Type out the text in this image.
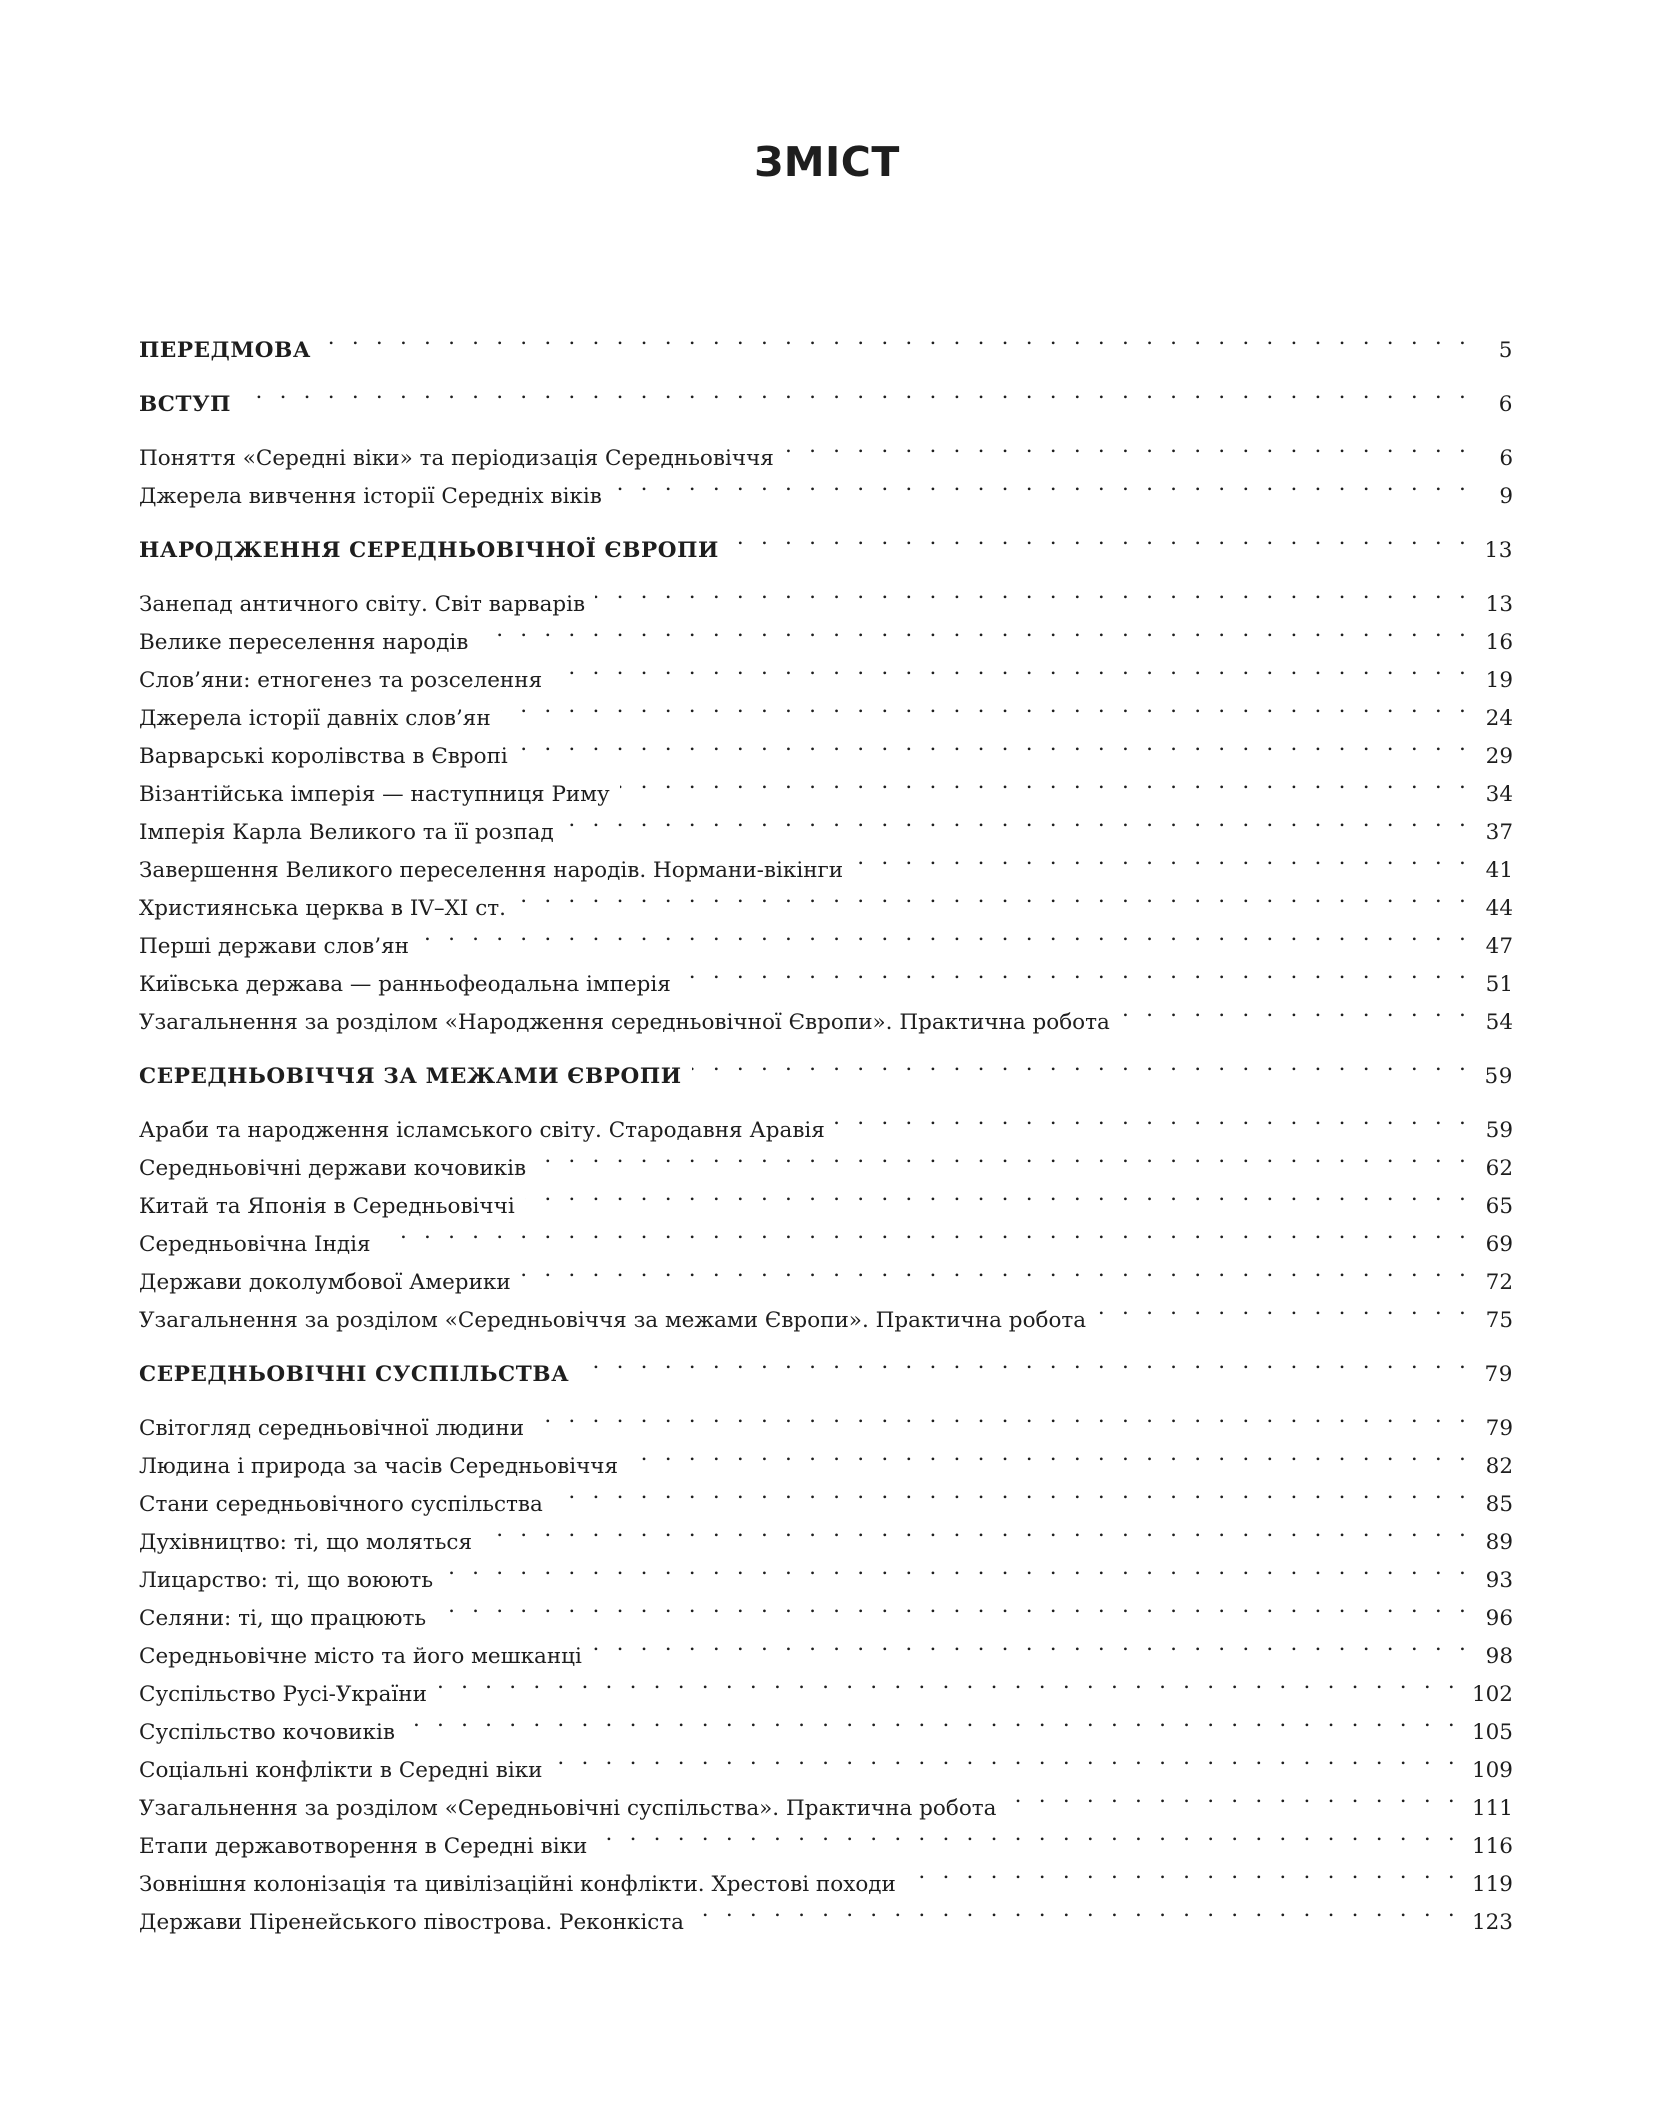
ЗМІСТ
ПЕРЕДМОВА . . .	5
ВСТУП . . .	6
Поняття «Середні віки» та періодизація Середньовіччя . . .	6
Джерела вивчення історії Середніх віків . . .	9
НАРОДЖЕННЯ СЕРЕДНЬОВІЧНОЇ ЄВРОПИ . . .	13
Занепад античного світу. Світ варварів . . .	13
Велике переселення народів . . .	16
Слов’яни: етногенез та розселення . . .	19
Джерела історії давніх слов’ян . . .	24
Варварські королівства в Європі . . .	29
Візантійська імперія — наступниця Риму . . .	34
Імперія Карла Великого та її розпад . . .	37
Завершення Великого переселення народів. Нормани-вікінги . . .	41
Християнська церква в IV–XI ст. . . .	44
Перші держави слов’ян . . .	47
Київська держава — ранньофеодальна імперія . . .	51
Узагальнення за розділом «Народження середньовічної Європи». Практична робота . . .	54
СЕРЕДНЬОВІЧЧЯ ЗА МЕЖАМИ ЄВРОПИ . . .	59
Араби та народження ісламського світу. Стародавня Аравія . . .	59
Середньовічні держави кочовиків . . .	62
Китай та Японія в Середньовіччі . . .	65
Середньовічна Індія . . .	69
Держави доколумбової Америки . . .	72
Узагальнення за розділом «Середньовіччя за межами Європи». Практична робота . . .	75
СЕРЕДНЬОВІЧНІ СУСПІЛЬСТВА . . .	79
Світогляд середньовічної людини . . .	79
Людина і природа за часів Середньовіччя . . .	82
Стани середньовічного суспільства . . .	85
Духівництво: ті, що моляться . . .	89
Лицарство: ті, що воюють . . .	93
Селяни: ті, що працюють . . .	96
Середньовічне місто та його мешканці . . .	98
Суспільство Русі-України . . .	102
Суспільство кочовиків . . .	105
Соціальні конфлікти в Середні віки . . .	109
Узагальнення за розділом «Середньовічні суспільства». Практична робота . . .	111
Етапи державотворення в Середні віки . . .	116
Зовнішня колонізація та цивілізаційні конфлікти. Хрестові походи . . .	119
Держави Піренейського півострова. Реконкіста . . .	123
